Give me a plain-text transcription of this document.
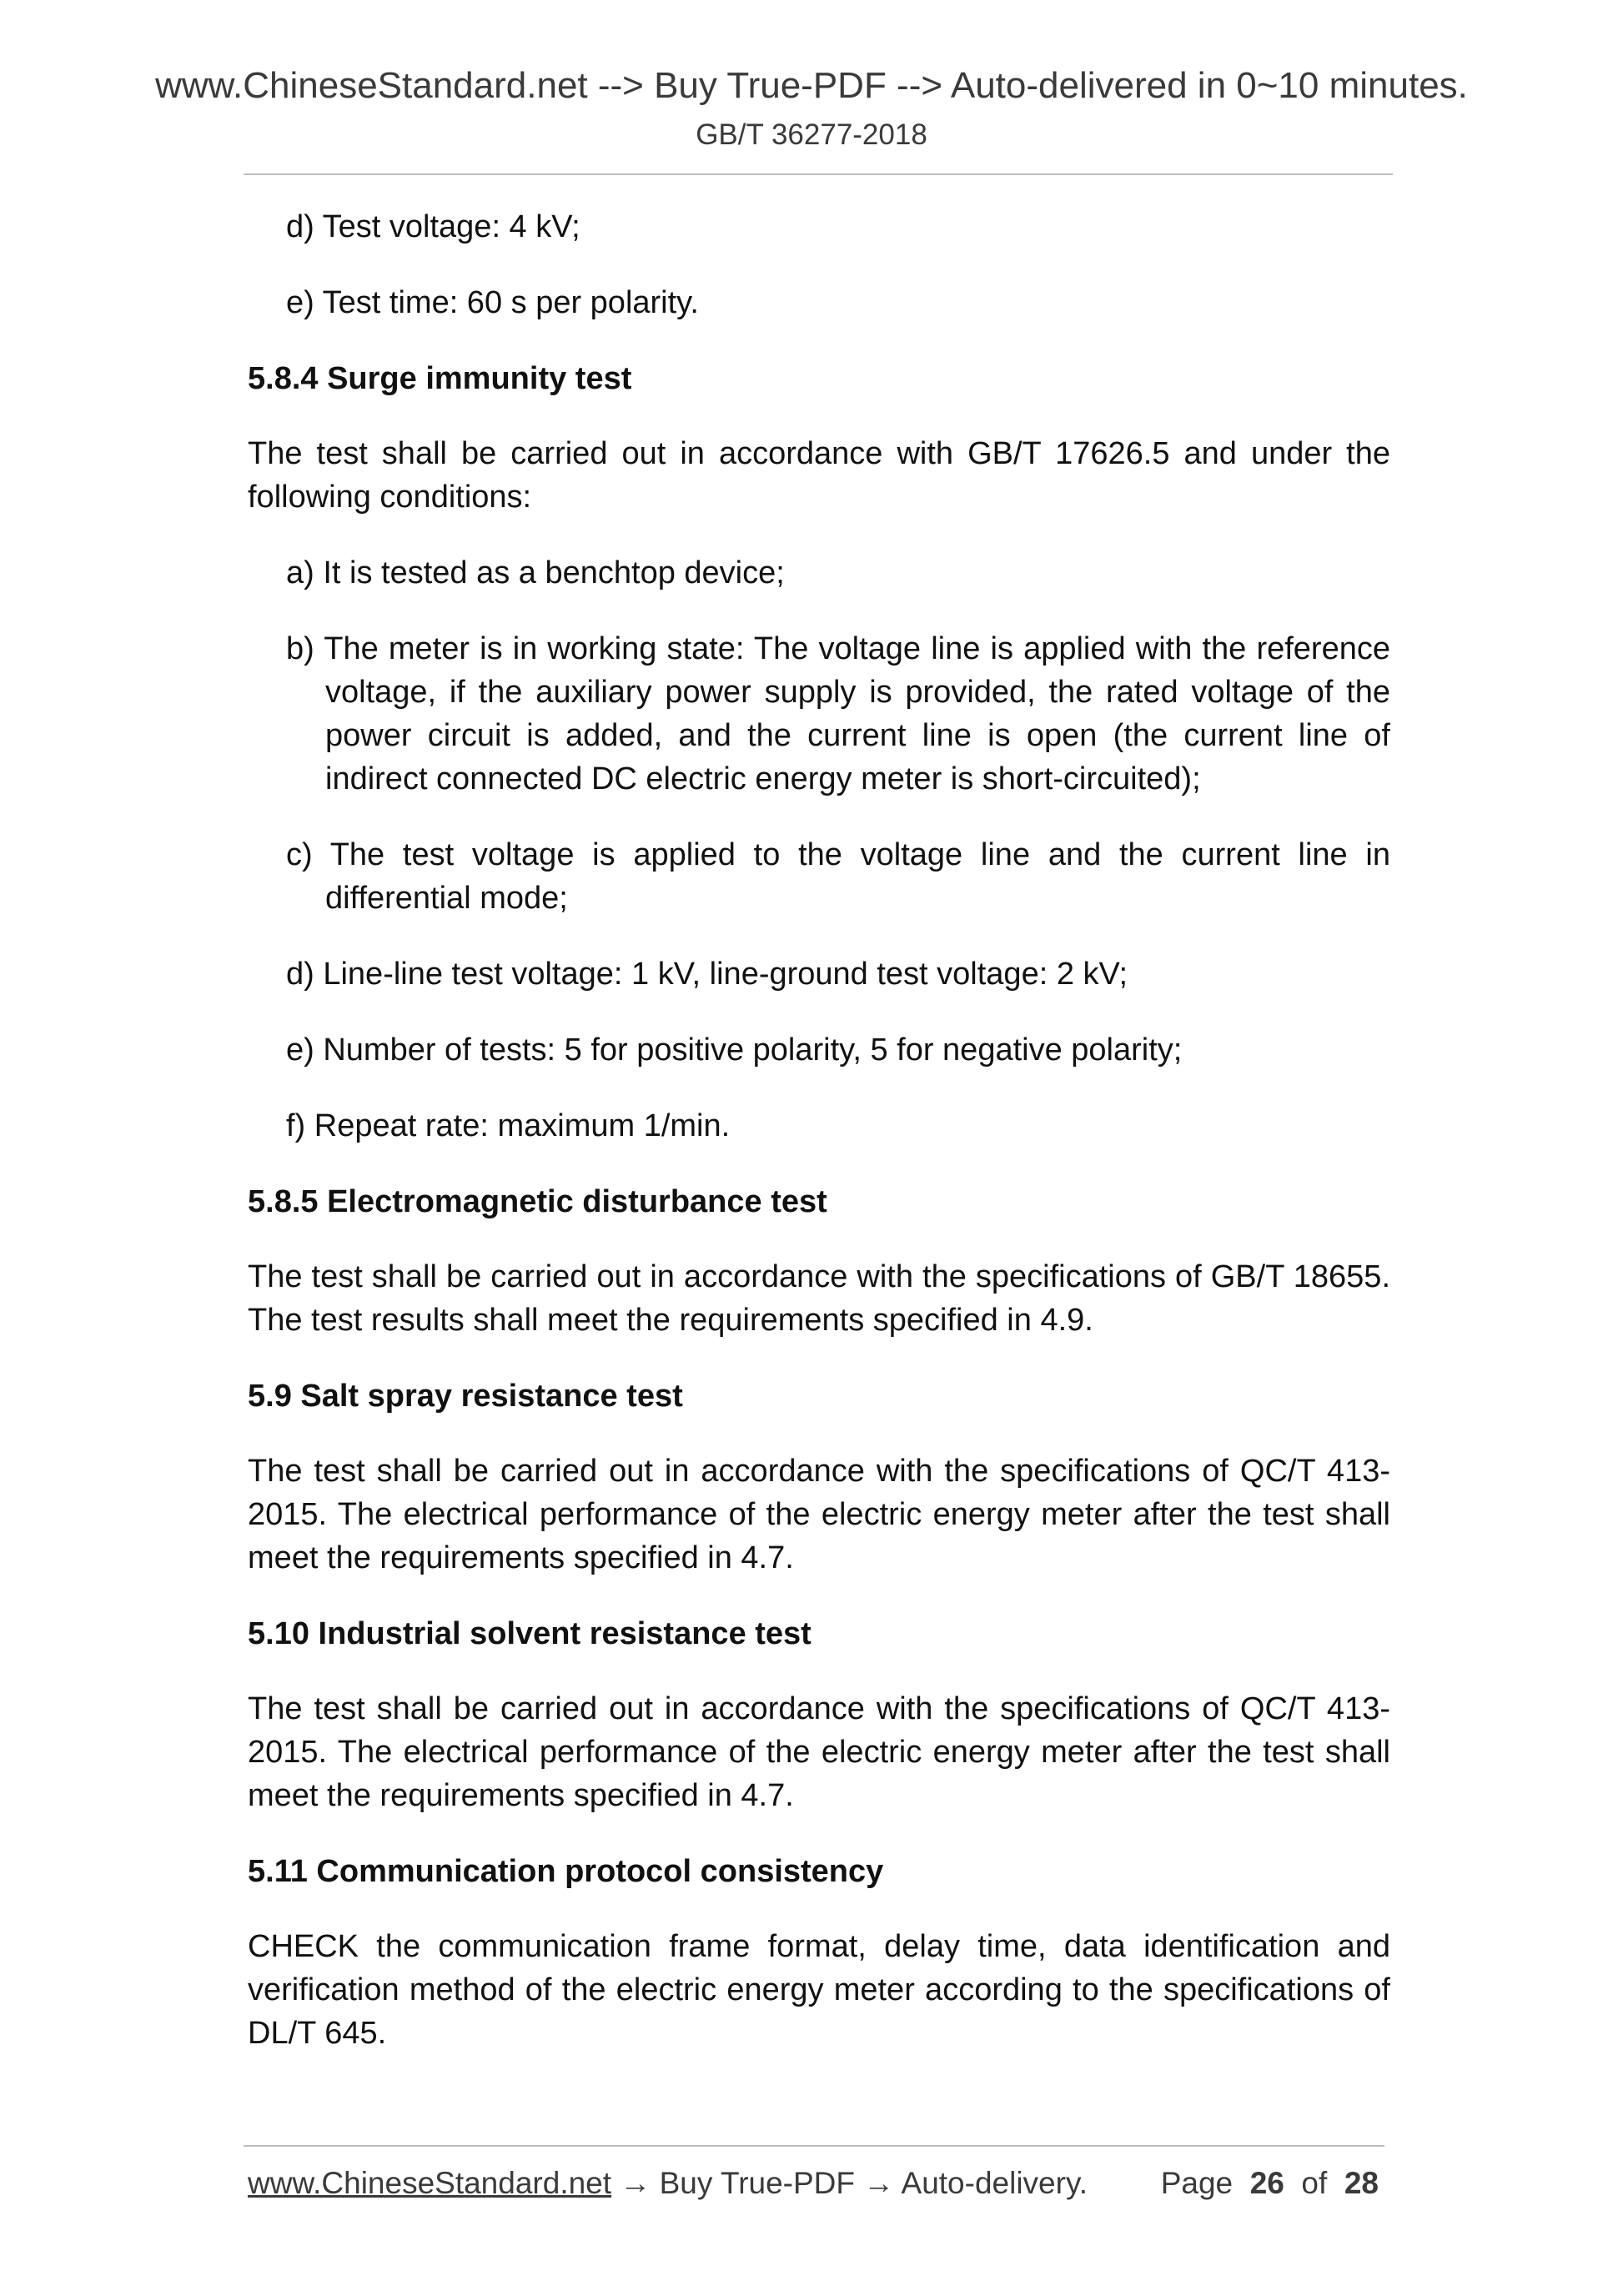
www.ChineseStandard.net --> Buy True-PDF --> Auto-delivered in 0~10 minutes.
GB/T 36277-2018
d) Test voltage: 4 kV;
e) Test time: 60 s per polarity.
5.8.4 Surge immunity test
The test shall be carried out in accordance with GB/T 17626.5 and under the following conditions:
a) It is tested as a benchtop device;
b) The meter is in working state: The voltage line is applied with the reference voltage, if the auxiliary power supply is provided, the rated voltage of the power circuit is added, and the current line is open (the current line of indirect connected DC electric energy meter is short-circuited);
c) The test voltage is applied to the voltage line and the current line in differential mode;
d) Line-line test voltage: 1 kV, line-ground test voltage: 2 kV;
e) Number of tests: 5 for positive polarity, 5 for negative polarity;
f) Repeat rate: maximum 1/min.
5.8.5 Electromagnetic disturbance test
The test shall be carried out in accordance with the specifications of GB/T 18655. The test results shall meet the requirements specified in 4.9.
5.9 Salt spray resistance test
The test shall be carried out in accordance with the specifications of QC/T 413-2015. The electrical performance of the electric energy meter after the test shall meet the requirements specified in 4.7.
5.10 Industrial solvent resistance test
The test shall be carried out in accordance with the specifications of QC/T 413-2015. The electrical performance of the electric energy meter after the test shall meet the requirements specified in 4.7.
5.11 Communication protocol consistency
CHECK the communication frame format, delay time, data identification and verification method of the electric energy meter according to the specifications of DL/T 645.
www.ChineseStandard.net → Buy True-PDF → Auto-delivery. Page 26 of 28
